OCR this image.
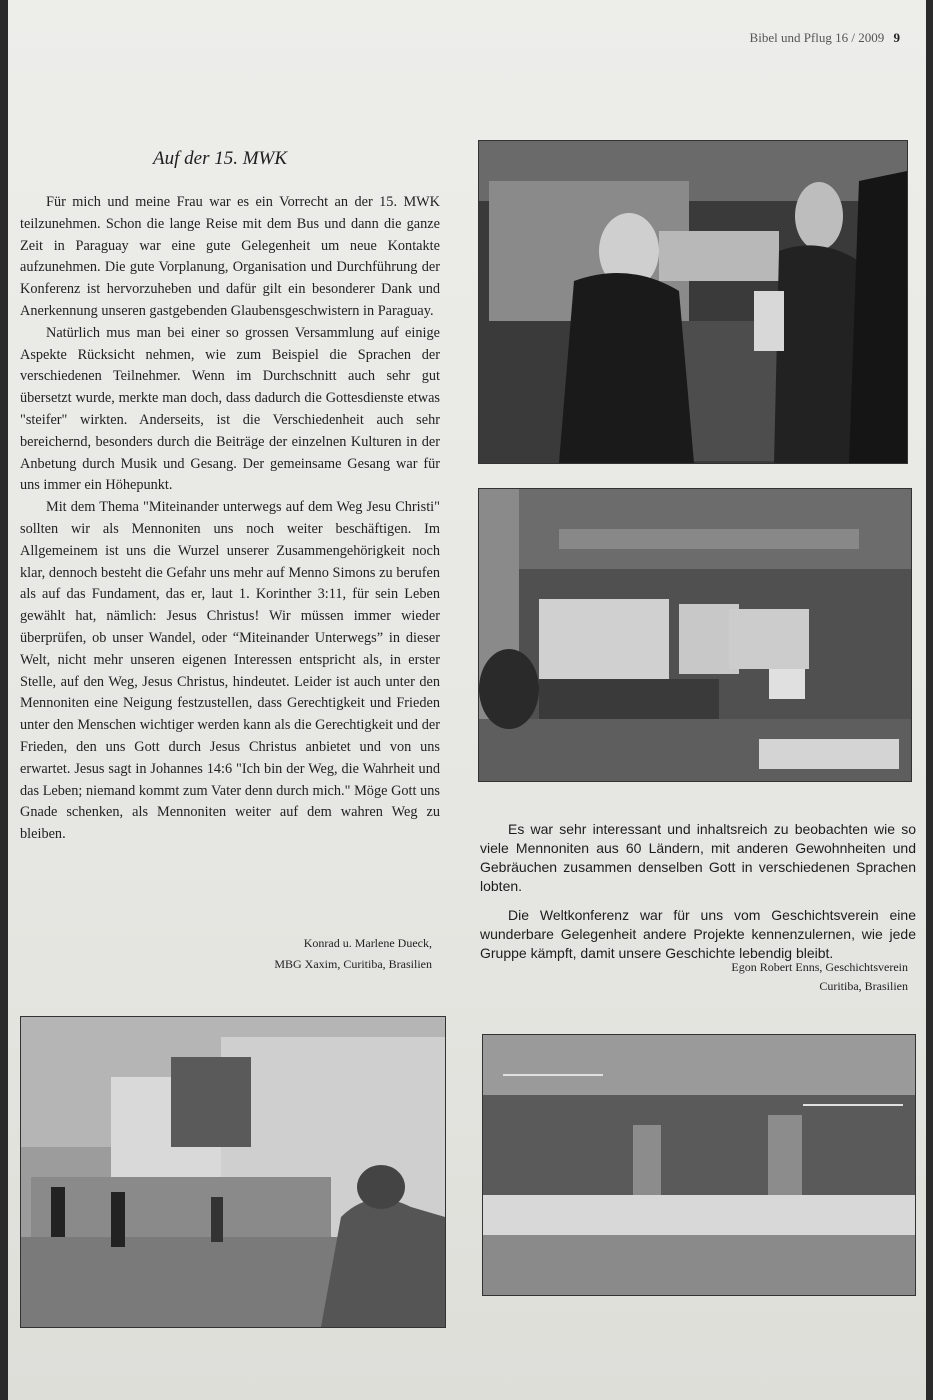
Bibel und Pflug 16 / 2009 9
Auf der 15. MWK

Für mich und meine Frau war es ein Vorrecht an der 15. MWK teilzunehmen. Schon die lange Reise mit dem Bus und dann die ganze Zeit in Paraguay war eine gute Gelegenheit um neue Kontakte aufzunehmen. Die gute Vorplanung, Organisation und Durchführung der Konferenz ist hervorzuheben und dafür gilt ein besonderer Dank und Anerkennung unseren gastgebenden Glaubensgeschwistern in Paraguay.

Natürlich mus man bei einer so grossen Versammlung auf einige Aspekte Rücksicht nehmen, wie zum Beispiel die Sprachen der verschiedenen Teilnehmer. Wenn im Durchschnitt auch sehr gut übersetzt wurde, merkte man doch, dass dadurch die Gottesdienste etwas "steifer" wirkten. Anderseits, ist die Verschiedenheit auch sehr bereichernd, besonders durch die Beiträge der einzelnen Kulturen in der Anbetung durch Musik und Gesang. Der gemeinsame Gesang war für uns immer ein Höhepunkt.

Mit dem Thema "Miteinander unterwegs auf dem Weg Jesu Christi" sollten wir als Mennoniten uns noch weiter beschäftigen. Im Allgemeinem ist uns die Wurzel unserer Zusammengehörigkeit noch klar, dennoch besteht die Gefahr uns mehr auf Menno Simons zu berufen als auf das Fundament, das er, laut 1. Korinther 3:11, für sein Leben gewählt hat, nämlich: Jesus Christus! Wir müssen immer wieder überprüfen, ob unser Wandel, oder “Miteinander Unterwegs” in dieser Welt, nicht mehr unseren eigenen Interessen entspricht als, in erster Stelle, auf den Weg, Jesus Christus, hindeutet. Leider ist auch unter den Mennoniten eine Neigung festzustellen, dass Gerechtigkeit und Frieden unter den Menschen wichtiger werden kann als die Gerechtigkeit und der Frieden, den uns Gott durch Jesus Christus anbietet und von uns erwartet. Jesus sagt in Johannes 14:6 "Ich bin der Weg, die Wahrheit und das Leben; niemand kommt zum Vater denn durch mich." Möge Gott uns Gnade schenken, als Mennoniten weiter auf dem wahren Weg zu bleiben.

Konrad u. Marlene Dueck,
MBG Xaxim, Curitiba, Brasilien

Es war sehr interessant und inhaltsreich zu beobachten wie so viele Mennoniten aus 60 Ländern, mit anderen Gewohnheiten und Gebräuchen zusammen denselben Gott in verschiedenen Sprachen lobten.

Die Weltkonferenz war für uns vom Geschichtsverein eine wunderbare Gelegenheit andere Projekte kennenzulernen, wie jede Gruppe kämpft, damit unsere Geschichte lebendig bleibt.

Egon Robert Enns, Geschichtsverein
Curitiba, Brasilien
